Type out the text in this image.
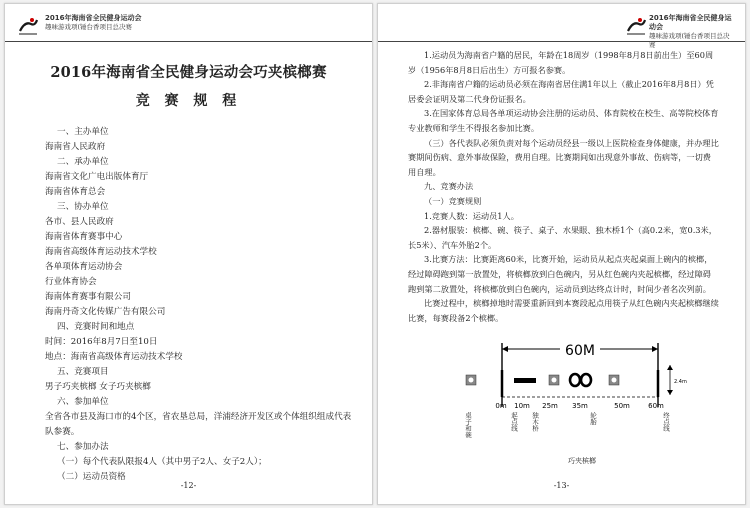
2016年海南省全民健身运动会
趣味游戏项(锤台香项目总决赛
2016年海南省全民健身运动会巧夹槟榔赛
竞 赛 规 程
一、主办单位
海南省人民政府
二、承办单位
海南省文化广电出版体育厅
海南省体育总会
三、协办单位
各市、县人民政府
海南省体育赛事中心
海南省高级体育运动技术学校
各单项体育运动协会
行业体育协会
海南体育赛事有限公司
海南丹奇文化传媒广告有限公司
四、竞赛时间和地点
时间：2016年8月7日至10日
地点：海南省高级体育运动技术学校
五、竞赛项目
男子巧夹槟榔 女子巧夹槟榔
六、参加单位
全省各市县及海口市的4个区，省农垦总局，洋浦经济开发区或个体组织组成代表队参赛。
七、参加办法
（一）每个代表队限报4人（其中男子2人、女子2人）；
（二）运动员资格
-12-
2016年海南省全民健身运动会
趣味游戏项(锤台香项目总决赛
1.运动员为海南省户籍的居民，年龄在18周岁（1998年8月8日前出生）至60周岁（1956年8月8日后出生）方可报名参赛。
2.非海南省户籍的运动员必须在海南省居住满1年以上（截止2016年8月8日）凭居委会证明及第二代身份证报名。
3.在国家体育总局各单项运动协会注册的运动员、体育院校在校生、高等院校体育专业教师和学生不得报名参加比赛。
（三）各代表队必须负责对每个运动员经县一级以上医院检查身体健康，并办理比赛期间伤病、意外事故保险，费用自理。比赛期间如出现意外事故、伤病等，一切费用自理。
九、竞赛办法
（一）竞赛规则
1.竞赛人数：运动员1人。
2.器材服装：槟榔、碗、筷子、桌子、水果眼、独木桥1个（高0.2米，宽0.3米，长5米）、汽车外胎2个。
3.比赛方法：比赛距离60米，比赛开始，运动员从起点夹起桌面上碗内的槟榔，经过障碍跑到第一放置处，将槟榔放到白色碗内，另从红色碗内夹起槟榔，经过障碍跑到第二放置处，将槟榔放到白色碗内，运动员到达终点计时，时间少者名次列前。
比赛过程中，槟榔掉地时需要重新回到本赛段起点用筷子从红色碗内夹起槟榔继续比赛，每赛段备2个槟榔。
60M
2.4m
0m 10m 25m 35m	50m	60m
桌子和碗	起点线	独木桥	轮胎	终点线
巧夹槟榔
-13-
